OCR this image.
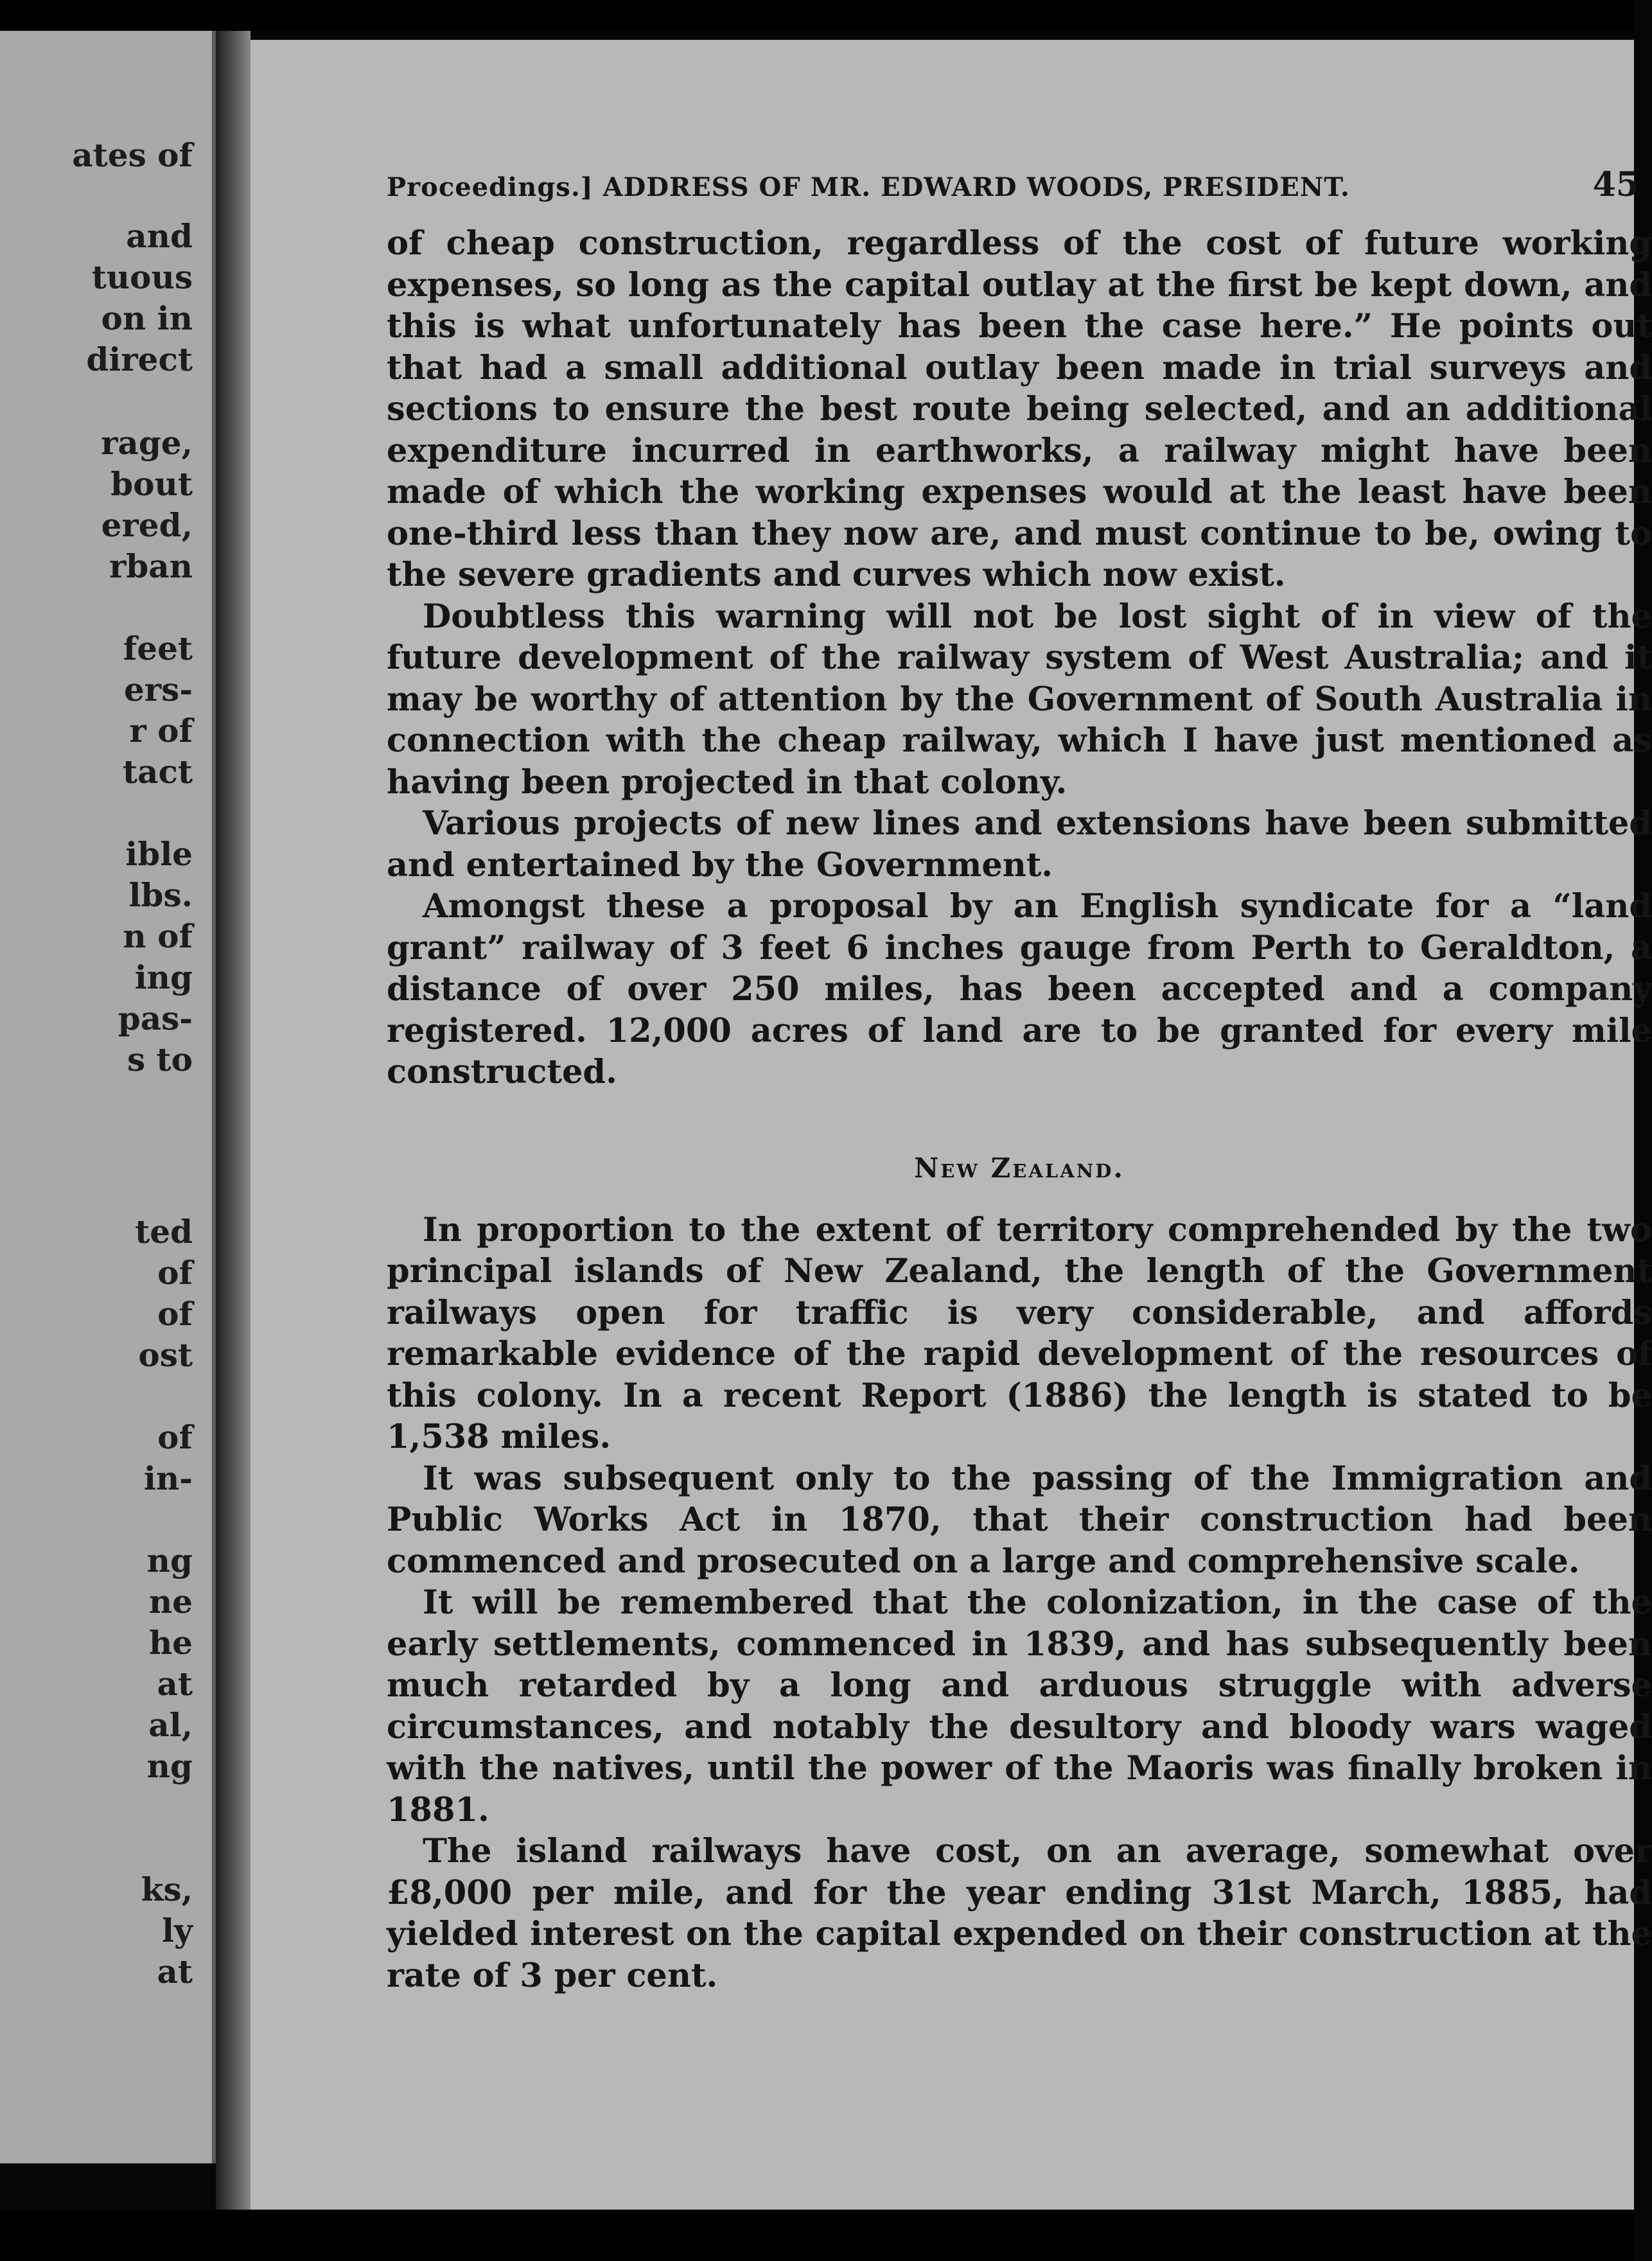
ates of
and
tuous
on in
direct
rage,
bout
ered,
rban
feet
ers-
r of
tact
ible
lbs.
n of
ing
pas-
s to
ted
of
of
ost
of
in-
ng
ne
he
at
al,
ng
ks,
ly
at
Proceedings.] ADDRESS OF MR. EDWARD WOODS, PRESIDENT.	45

of cheap construction, regardless of the cost of future working expenses, so long as the capital outlay at the first be kept down, and this is what unfortunately has been the case here.” He points out that had a small additional outlay been made in trial surveys and sections to ensure the best route being selected, and an additional expenditure incurred in earthworks, a railway might have been made of which the working expenses would at the least have been one-third less than they now are, and must continue to be, owing to the severe gradients and curves which now exist.

Doubtless this warning will not be lost sight of in view of the future development of the railway system of West Australia; and it may be worthy of attention by the Government of South Australia in connection with the cheap railway, which I have just mentioned as having been projected in that colony.

Various projects of new lines and extensions have been submitted and entertained by the Government.

Amongst these a proposal by an English syndicate for a “land grant” railway of 3 feet 6 inches gauge from Perth to Geraldton, a distance of over 250 miles, has been accepted and a company registered. 12,000 acres of land are to be granted for every mile constructed.

New Zealand.

In proportion to the extent of territory comprehended by the two principal islands of New Zealand, the length of the Government railways open for traffic is very considerable, and affords remarkable evidence of the rapid development of the resources of this colony. In a recent Report (1886) the length is stated to be 1,538 miles.

It was subsequent only to the passing of the Immigration and Public Works Act in 1870, that their construction had been commenced and prosecuted on a large and comprehensive scale.

It will be remembered that the colonization, in the case of the early settlements, commenced in 1839, and has subsequently been much retarded by a long and arduous struggle with adverse circumstances, and notably the desultory and bloody wars waged with the natives, until the power of the Maoris was finally broken in 1881.

The island railways have cost, on an average, somewhat over £8,000 per mile, and for the year ending 31st March, 1885, had yielded interest on the capital expended on their construction at the rate of 3 per cent.
